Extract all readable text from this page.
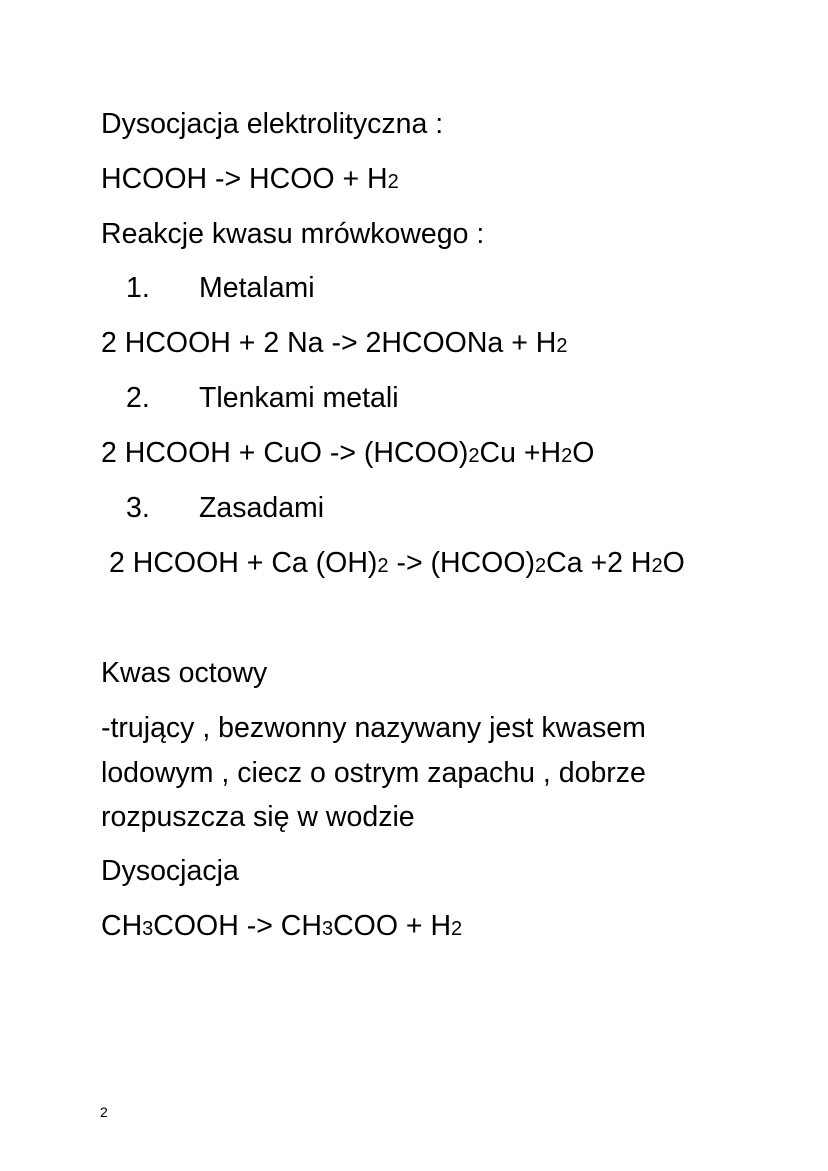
Dysocjacja elektrolityczna :
HCOOH -> HCOO + H2
Reakcje kwasu mrówkowego :
1. Metalami
2 HCOOH + 2 Na -> 2HCOONa + H2
2. Tlenkami metali
2 HCOOH + CuO -> (HCOO)2Cu +H2O
3. Zasadami
2 HCOOH + Ca (OH)2 -> (HCOO)2Ca +2 H2O
Kwas octowy
-trujący , bezwonny nazywany jest kwasem
lodowym , ciecz o ostrym zapachu , dobrze
rozpuszcza się w wodzie
Dysocjacja
CH3COOH -> CH3COO + H2
2
